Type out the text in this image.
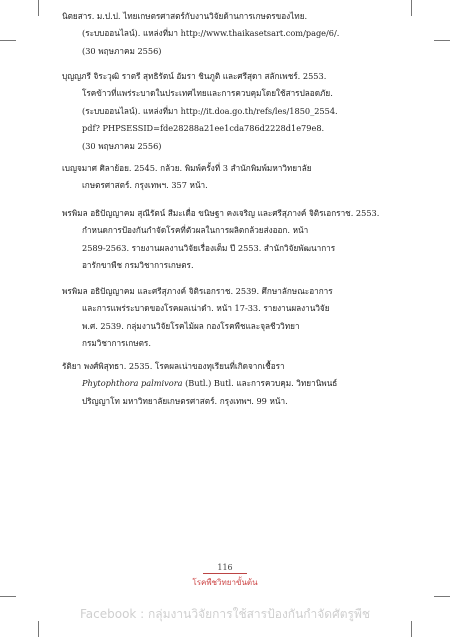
นิตยสาร. ม.ป.ป. ไทยเกษตรศาสตร์กับงานวิจัยด้านการเกษตรของไทย.
(ระบบออนไลน์). แหล่งที่มา http://www.thaikasetsart.com/page/6/.
(30 พฤษภาคม 2556)
บุญญภรี จิระวุฒิ ราตรี สุทธิรัตน์ อัมรา ชินภูติ และศรีสุดา สลักเพชร์. 2553.
โรคข้าวที่แพร่ระบาดในประเทศไทยและการควบคุมโดยใช้สารปลอดภัย.
(ระบบออนไลน์). แหล่งที่มา http://it.doa.go.th/refs/les/1850_2554.
pdf? PHPSESSID=fde28288a21ee1cda786d2228d1e79e8.
(30 พฤษภาคม 2556)
เบญจมาศ ศิลาย้อย. 2545. กล้วย. พิมพ์ครั้งที่ 3 สำนักพิมพ์มหาวิทยาลัย
เกษตรศาสตร์. กรุงเทพฯ. 357 หน้า.
พรพิมล อธิปัญญาคม สุณีรัตน์ สีมะเดื่อ ขนิษฐา คงเจริญ และศรีสุภางค์ จิติรเอกราช. 2553.
กำหนดการป้องกันกำจัดโรคที่ตัวผลในการผลิตกล้วยส่งออก. หน้า
2589-2563. รายงานผลงานวิจัยเรื่องเต็ม ปี 2553. สำนักวิจัยพัฒนาการ
อารักขาพืช กรมวิชาการเกษตร.
พรพิมล อธิปัญญาคม และศรีสุภางค์ จิติรเอกราช. 2539. ศึกษาลักษณะอาการ
และการแพร่ระบาดของโรคผลเน่าดำ. หน้า 17-33. รายงานผลงานวิจัย
พ.ศ. 2539. กลุ่มงานวิจัยโรคไม้ผล กองโรคพืชและจุลชีววิทยา
กรมวิชาการเกษตร.
รัติยา พงศ์พิสุทธา. 2535. โรคผลเน่าของทุเรียนที่เกิดจากเชื้อรา
Phytophthora palmivora (Butl.) Butl. และการควบคุม. วิทยานิพนธ์
ปริญญาโท มหาวิทยาลัยเกษตรศาสตร์. กรุงเทพฯ. 99 หน้า.
116
โรคพืชวิทยาขั้นต้น
Facebook : กลุ่มงานวิจัยการใช้สารป้องกันกำจัดศัตรูพืช
